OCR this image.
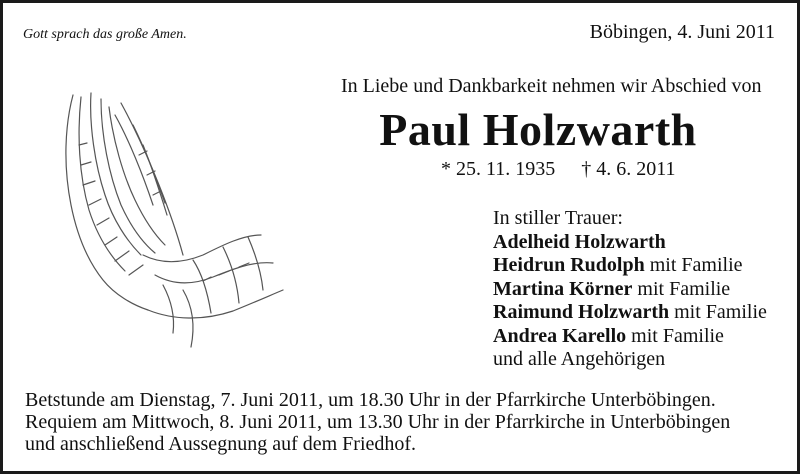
Gott sprach das große Amen.	Böbingen, 4. Juni 2011
In Liebe und Dankbarkeit nehmen wir Abschied von
Paul Holzwarth
* 25. 11. 1935 † 4. 6. 2011
In stiller Trauer:
Adelheid Holzwarth
Heidrun Rudolph mit Familie
Martina Körner mit Familie
Raimund Holzwarth mit Familie
Andrea Karello mit Familie
und alle Angehörigen
Betstunde am Dienstag, 7. Juni 2011, um 18.30 Uhr in der Pfarrkirche Unterböbingen.
Requiem am Mittwoch, 8. Juni 2011, um 13.30 Uhr in der Pfarrkirche in Unterböbingen
und anschließend Aussegnung auf dem Friedhof.
